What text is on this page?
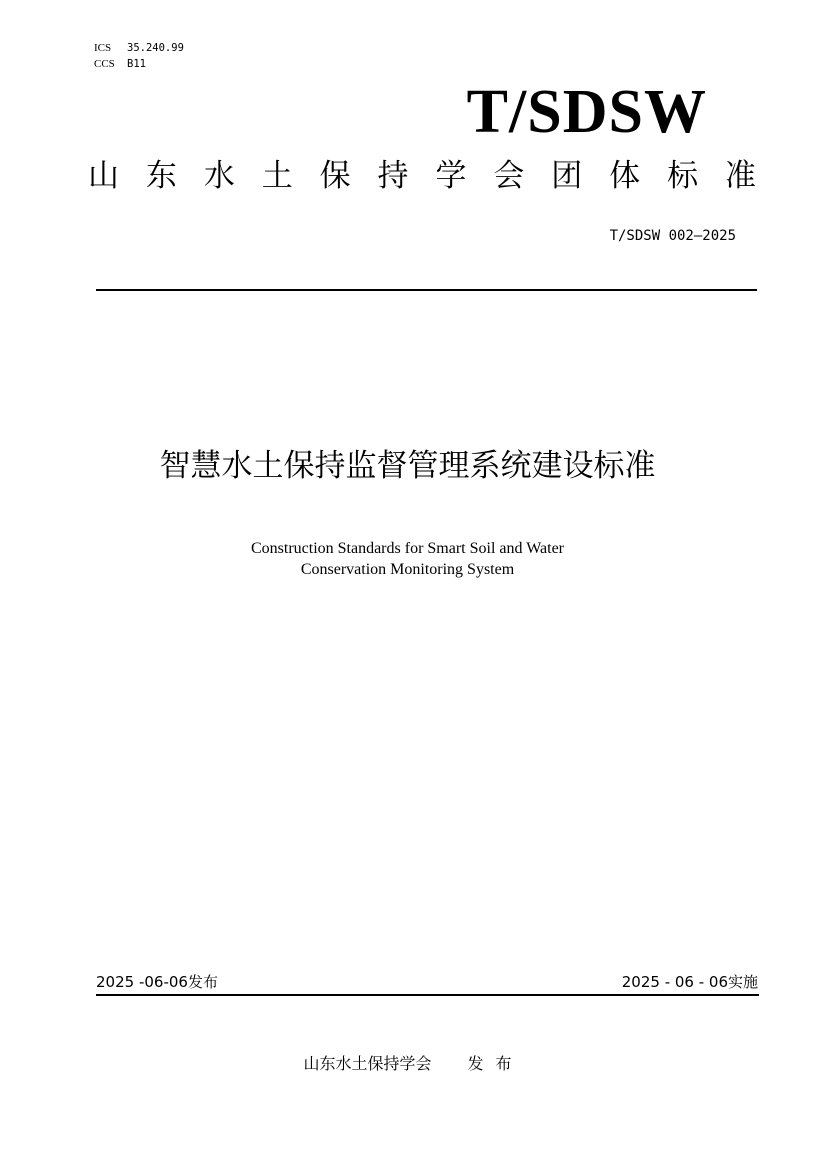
ICS 35.240.99
CCS B11
T/SDSW
山 东 水 土 保 持 学 会 团 体 标 准
T/SDSW 002—2025
智慧水土保持监督管理系统建设标准
Construction Standards for Smart Soil and Water
Conservation Monitoring System
2025 -06-06发布	2025 - 06 - 06实施
山东水土保持学会 发 布
